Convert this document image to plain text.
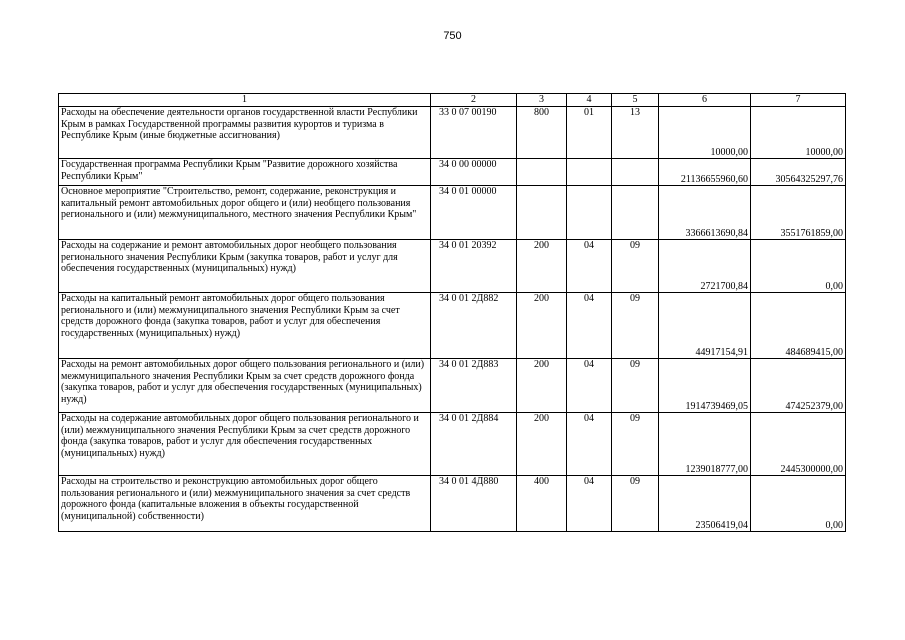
750
1	2	3	4	5	6	7
Расходы на обеспечение деятельности органов государственной власти Республики Крым в рамках Государственной программы развития курортов и туризма в Республике Крым (иные бюджетные ассигнования)	33 0 07 00190	800	01	13	10000,00	10000,00
Государственная программа Республики Крым "Развитие дорожного хозяйства Республики Крым"	34 0 00 00000				21136655960,60	30564325297,76
Основное мероприятие "Строительство, ремонт, содержание, реконструкция и капитальный ремонт автомобильных дорог общего и (или) необщего пользования регионального и (или) межмуниципального, местного значения Республики Крым"	34 0 01 00000				3366613690,84	3551761859,00
Расходы на содержание и ремонт автомобильных дорог необщего пользования регионального значения Республики Крым (закупка товаров, работ и услуг для обеспечения государственных (муниципальных) нужд)	34 0 01 20392	200	04	09	2721700,84	0,00
Расходы на капитальный ремонт автомобильных дорог общего пользования регионального и (или) межмуниципального значения Республики Крым за счет средств дорожного фонда (закупка товаров, работ и услуг для обеспечения государственных (муниципальных) нужд)	34 0 01 2Д882	200	04	09	44917154,91	484689415,00
Расходы на ремонт автомобильных дорог общего пользования регионального и (или) межмуниципального значения Республики Крым за счет средств дорожного фонда (закупка товаров, работ и услуг для обеспечения государственных (муниципальных) нужд)	34 0 01 2Д883	200	04	09	1914739469,05	474252379,00
Расходы на содержание автомобильных дорог общего пользования регионального и (или) межмуниципального значения Республики Крым за счет средств дорожного фонда (закупка товаров, работ и услуг для обеспечения государственных (муниципальных) нужд)	34 0 01 2Д884	200	04	09	1239018777,00	2445300000,00
Расходы на строительство и реконструкцию автомобильных дорог общего пользования регионального и (или) межмуниципального значения за счет средств дорожного фонда (капитальные вложения в объекты государственной (муниципальной) собственности)	34 0 01 4Д880	400	04	09	23506419,04	0,00
